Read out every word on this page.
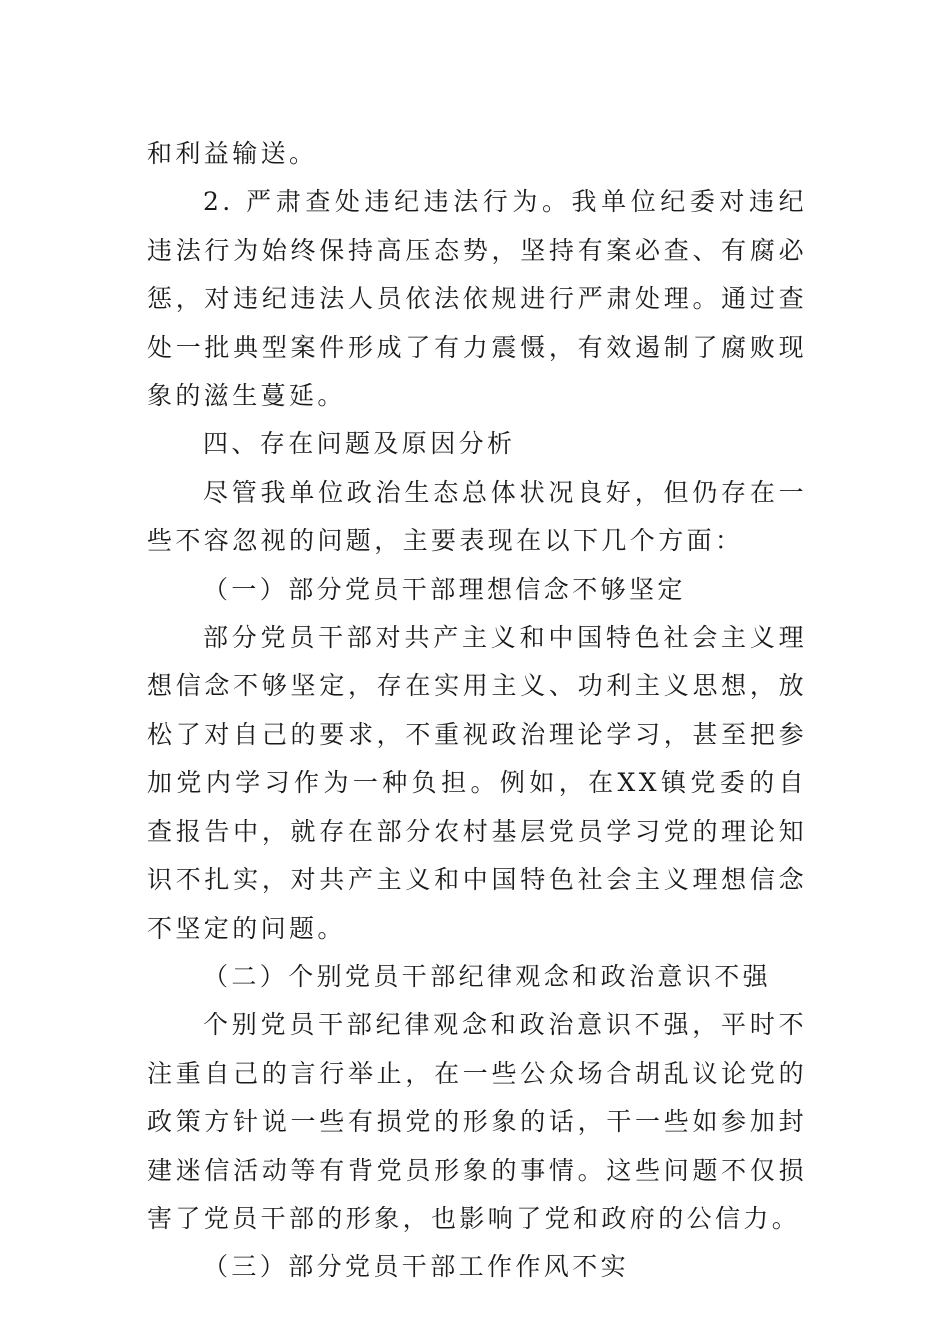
和利益输送。

2. 严肃查处违纪违法行为。我单位纪委对违纪违法行为始终保持高压态势，坚持有案必查、有腐必惩，对违纪违法人员依法依规进行严肃处理。通过查处一批典型案件形成了有力震慑，有效遏制了腐败现象的滋生蔓延。

四、存在问题及原因分析

尽管我单位政治生态总体状况良好，但仍存在一些不容忽视的问题，主要表现在以下几个方面：

（一）部分党员干部理想信念不够坚定

部分党员干部对共产主义和中国特色社会主义理想信念不够坚定，存在实用主义、功利主义思想，放松了对自己的要求，不重视政治理论学习，甚至把参加党内学习作为一种负担。例如，在XX镇党委的自查报告中，就存在部分农村基层党员学习党的理论知识不扎实，对共产主义和中国特色社会主义理想信念不坚定的问题。

（二）个别党员干部纪律观念和政治意识不强

个别党员干部纪律观念和政治意识不强，平时不注重自己的言行举止，在一些公众场合胡乱议论党的政策方针说一些有损党的形象的话，干一些如参加封建迷信活动等有背党员形象的事情。这些问题不仅损害了党员干部的形象，也影响了党和政府的公信力。

（三）部分党员干部工作作风不实
